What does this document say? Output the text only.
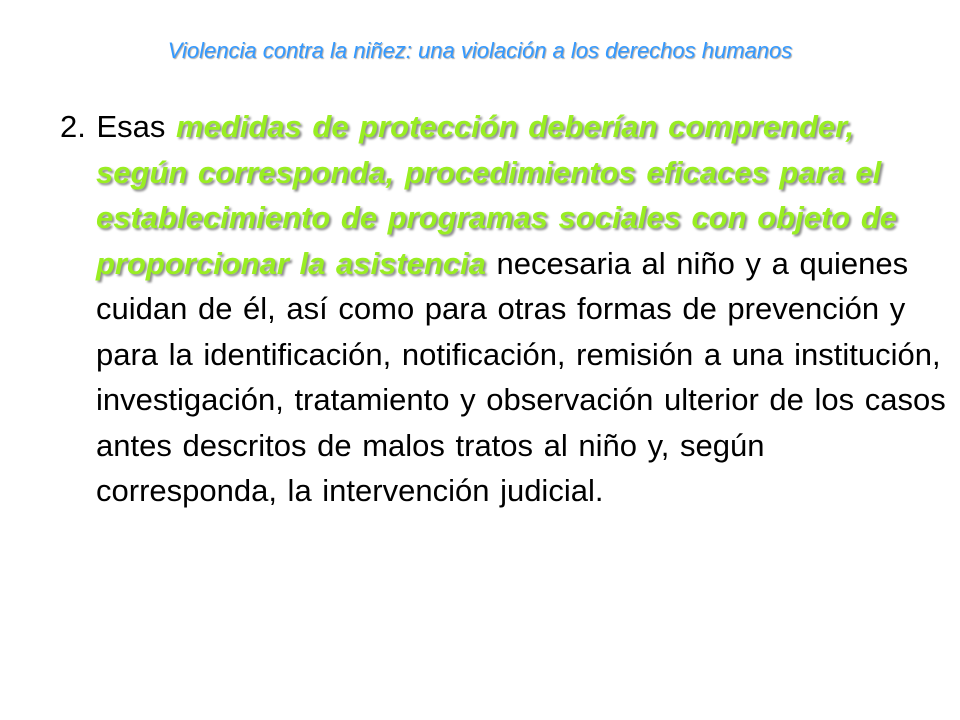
Violencia contra la niñez: una violación a los derechos humanos

2. Esas medidas de protección deberían comprender, según corresponda, procedimientos eficaces para el establecimiento de programas sociales con objeto de proporcionar la asistencia necesaria al niño y a quienes cuidan de él, así como para otras formas de prevención y para la identificación, notificación, remisión a una institución, investigación, tratamiento y observación ulterior de los casos antes descritos de malos tratos al niño y, según corresponda, la intervención judicial.
